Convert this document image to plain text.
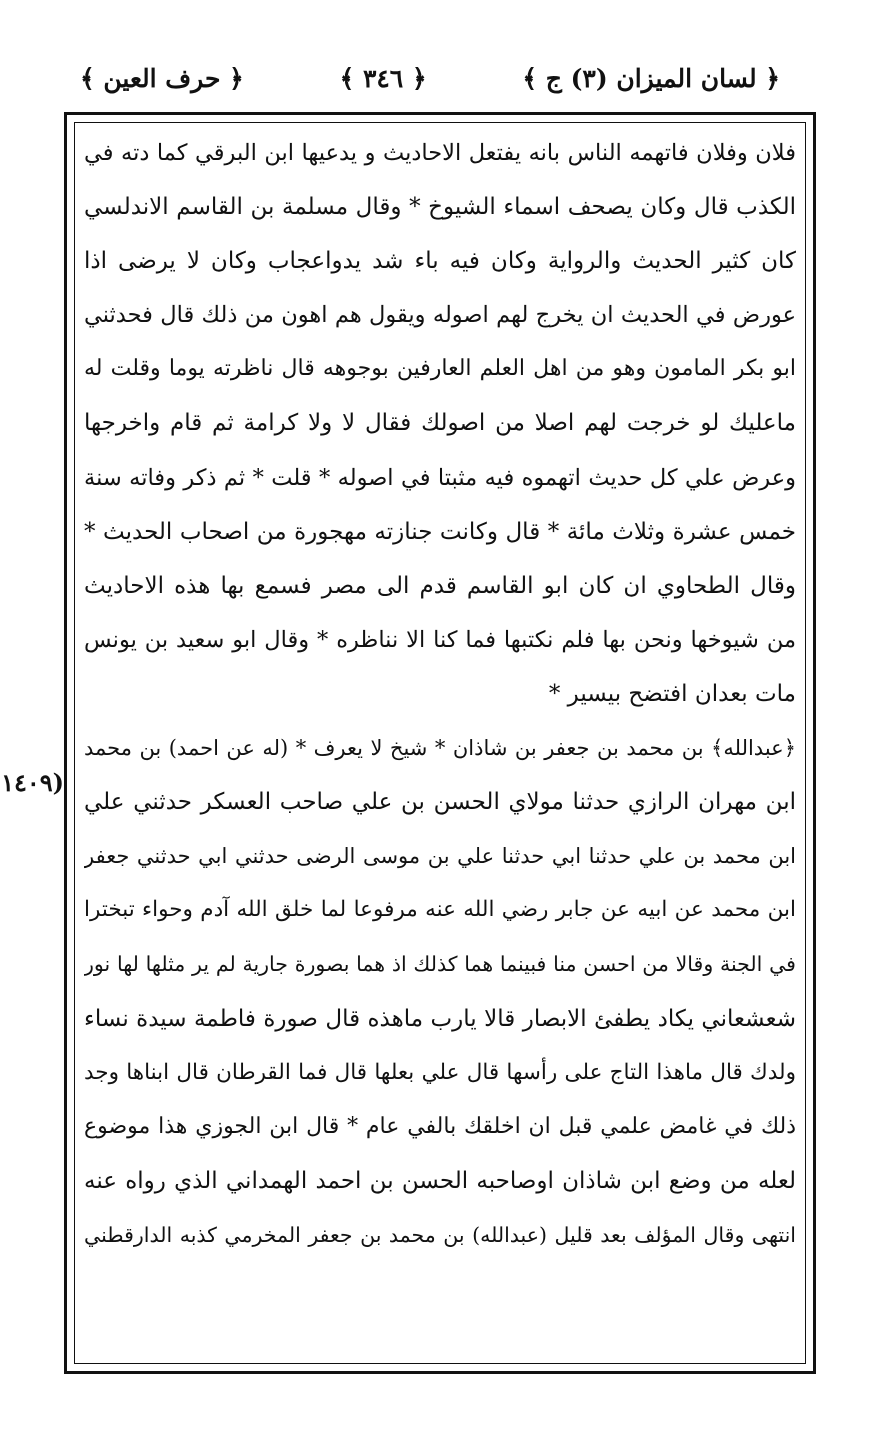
﴿ لسان الميزان (٣) ج ﴾
﴿ ٣٤٦ ﴾
﴿ حرف العين ﴾
(١٤٠٩
فلان وفلان فاتهمه الناس بانه يفتعل الاحاديث و يدعيها ابن البرقي كما دته في
الكذب قال وكان يصحف اسماء الشيوخ * وقال مسلمة بن القاسم الاندلسي
كان كثير الحديث والرواية وكان فيه باء شد يدواعجاب وكان لا يرضى اذا
عورض في الحديث ان يخرج لهم اصوله ويقول هم اهون من ذلك قال فحدثني
ابو بكر المامون وهو من اهل العلم العارفين بوجوهه قال ناظرته يوما وقلت له
ماعليك لو خرجت لهم اصلا من اصولك فقال لا ولا كرامة ثم قام واخرجها
وعرض علي كل حديث اتهموه فيه مثبتا في اصوله * قلت * ثم ذكر وفاته سنة
خمس عشرة وثلاث مائة * قال وكانت جنازته مهجورة من اصحاب الحديث *
وقال الطحاوي ان كان ابو القاسم قدم الى مصر فسمع بها هذه الاحاديث
من شيوخها ونحن بها فلم نكتبها فما كنا الا نناظره * وقال ابو سعيد بن يونس
مات بعدان افتضح بيسير *
﴿عبدالله﴾ بن محمد بن جعفر بن شاذان * شيخ لا يعرف * (له عن احمد) بن محمد
ابن مهران الرازي حدثنا مولاي الحسن بن علي صاحب العسكر حدثني علي
ابن محمد بن علي حدثنا ابي حدثنا علي بن موسى الرضى حدثني ابي حدثني جعفر
ابن محمد عن ابيه عن جابر رضي الله عنه مرفوعا لما خلق الله آدم وحواء تبخترا
في الجنة وقالا من احسن منا فبينما هما كذلك اذ هما بصورة جارية لم ير مثلها لها نور
شعشعاني يكاد يطفئ الابصار قالا يارب ماهذه قال صورة فاطمة سيدة نساء
ولدك قال ماهذا التاج على رأسها قال علي بعلها قال فما القرطان قال ابناها وجد
ذلك في غامض علمي قبل ان اخلقك بالفي عام * قال ابن الجوزي هذا موضوع
لعله من وضع ابن شاذان اوصاحبه الحسن بن احمد الهمداني الذي رواه عنه
انتهى وقال المؤلف بعد قليل (عبدالله) بن محمد بن جعفر المخرمي كذبه الدارقطني
